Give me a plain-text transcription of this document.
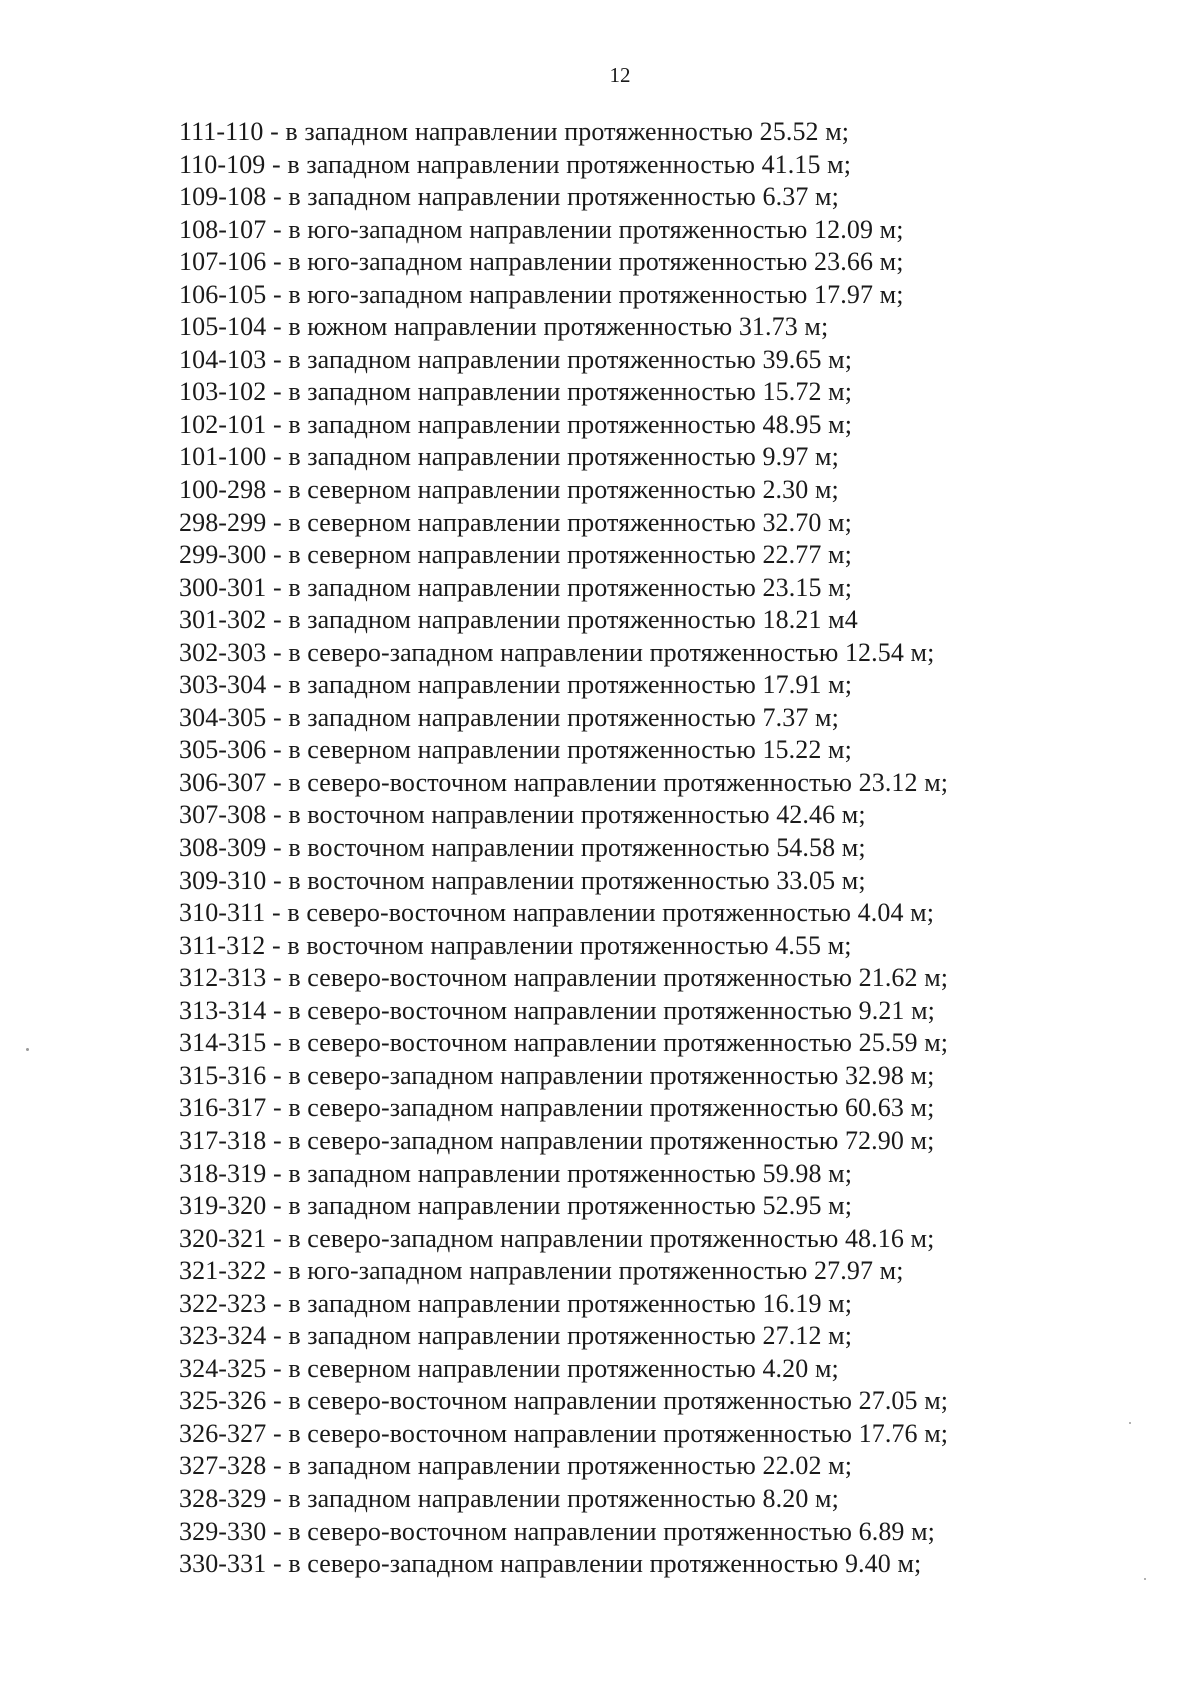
12
111-110 - в западном направлении протяженностью 25.52 м;
110-109 - в западном направлении протяженностью 41.15 м;
109-108 - в западном направлении протяженностью 6.37 м;
108-107 - в юго-западном направлении протяженностью 12.09 м;
107-106 - в юго-западном направлении протяженностью 23.66 м;
106-105 - в юго-западном направлении протяженностью 17.97 м;
105-104 - в южном направлении протяженностью 31.73 м;
104-103 - в западном направлении протяженностью 39.65 м;
103-102 - в западном направлении протяженностью 15.72 м;
102-101 - в западном направлении протяженностью 48.95 м;
101-100 - в западном направлении протяженностью 9.97 м;
100-298 - в северном направлении протяженностью 2.30 м;
298-299 - в северном направлении протяженностью 32.70 м;
299-300 - в северном направлении протяженностью 22.77 м;
300-301 - в западном направлении протяженностью 23.15 м;
301-302 - в западном направлении протяженностью 18.21 м4
302-303 - в северо-западном направлении протяженностью 12.54 м;
303-304 - в западном направлении протяженностью 17.91 м;
304-305 - в западном направлении протяженностью 7.37 м;
305-306 - в северном направлении протяженностью 15.22 м;
306-307 - в северо-восточном направлении протяженностью 23.12 м;
307-308 - в восточном направлении протяженностью 42.46 м;
308-309 - в восточном направлении протяженностью 54.58 м;
309-310 - в восточном направлении протяженностью 33.05 м;
310-311 - в северо-восточном направлении протяженностью 4.04 м;
311-312 - в восточном направлении протяженностью 4.55 м;
312-313 - в северо-восточном направлении протяженностью 21.62 м;
313-314 - в северо-восточном направлении протяженностью 9.21 м;
314-315 - в северо-восточном направлении протяженностью 25.59 м;
315-316 - в северо-западном направлении протяженностью 32.98 м;
316-317 - в северо-западном направлении протяженностью 60.63 м;
317-318 - в северо-западном направлении протяженностью 72.90 м;
318-319 - в западном направлении протяженностью 59.98 м;
319-320 - в западном направлении протяженностью 52.95 м;
320-321 - в северо-западном направлении протяженностью 48.16 м;
321-322 - в юго-западном направлении протяженностью 27.97 м;
322-323 - в западном направлении протяженностью 16.19 м;
323-324 - в западном направлении протяженностью 27.12 м;
324-325 - в северном направлении протяженностью 4.20 м;
325-326 - в северо-восточном направлении протяженностью 27.05 м;
326-327 - в северо-восточном направлении протяженностью 17.76 м;
327-328 - в западном направлении протяженностью 22.02 м;
328-329 - в западном направлении протяженностью 8.20 м;
329-330 - в северо-восточном направлении протяженностью 6.89 м;
330-331 - в северо-западном направлении протяженностью 9.40 м;
